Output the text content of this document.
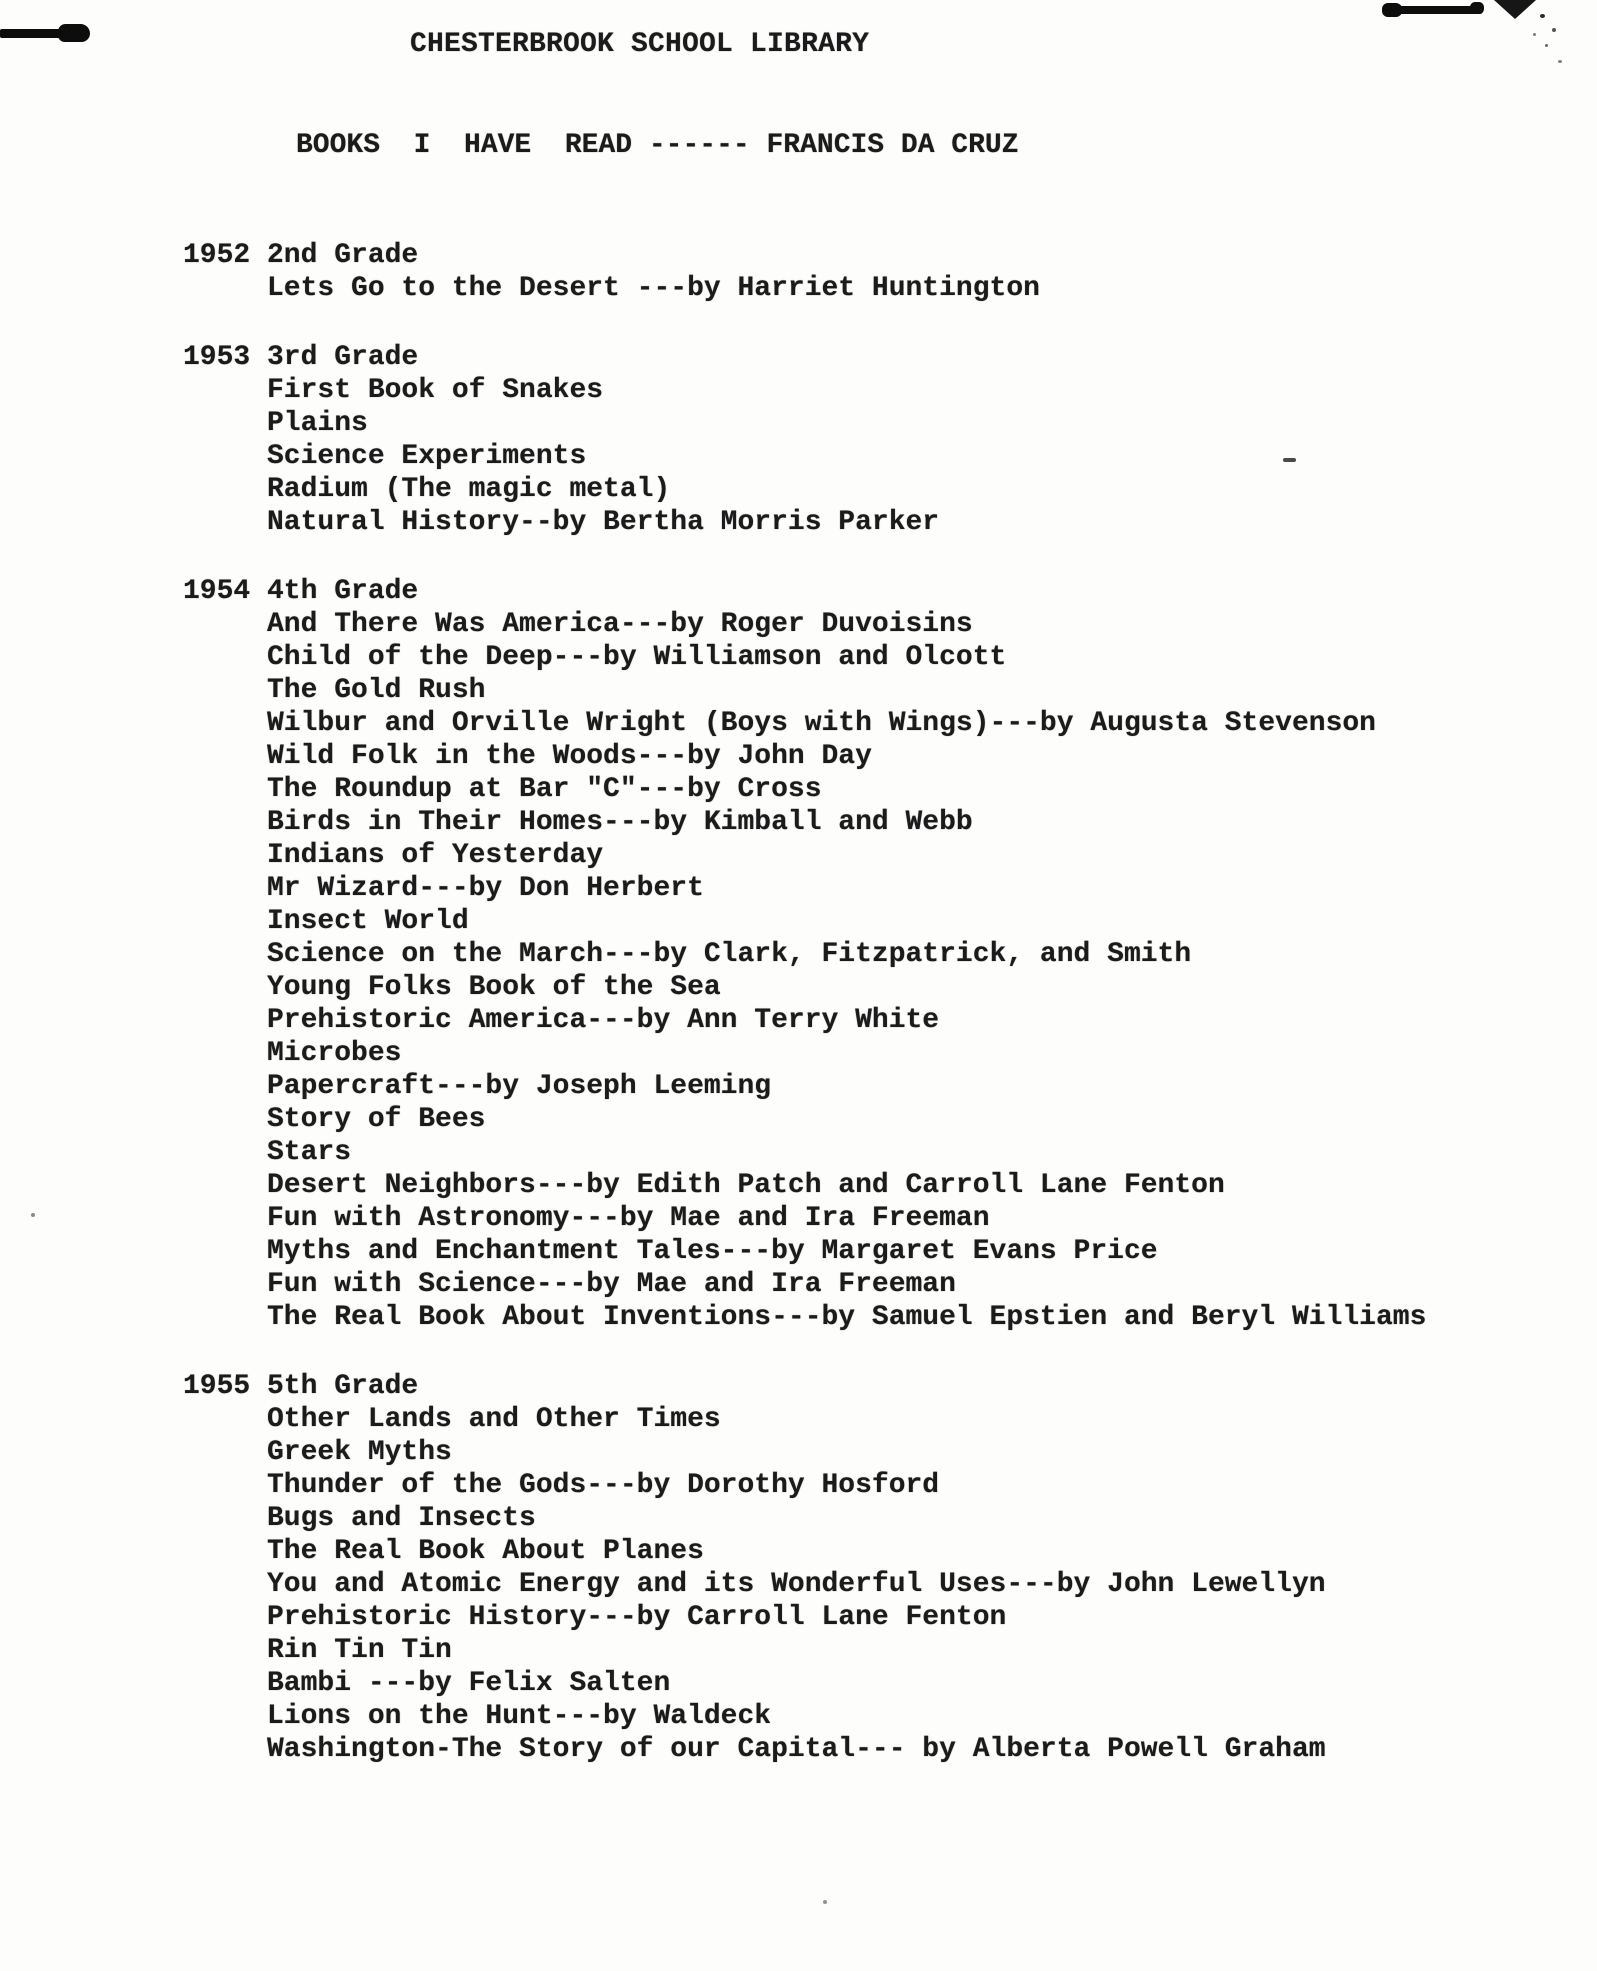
CHESTERBROOK SCHOOL LIBRARY
BOOKS  I  HAVE  READ ------ FRANCIS DA CRUZ
1952 2nd Grade
Lets Go to the Desert ---by Harriet Huntington
1953 3rd Grade
First Book of Snakes
Plains
Science Experiments
Radium (The magic metal)
Natural History--by Bertha Morris Parker
1954 4th Grade
And There Was America---by Roger Duvoisins
Child of the Deep---by Williamson and Olcott
The Gold Rush
Wilbur and Orville Wright (Boys with Wings)---by Augusta Stevenson
Wild Folk in the Woods---by John Day
The Roundup at Bar "C"---by Cross
Birds in Their Homes---by Kimball and Webb
Indians of Yesterday
Mr Wizard---by Don Herbert
Insect World
Science on the March---by Clark, Fitzpatrick, and Smith
Young Folks Book of the Sea
Prehistoric America---by Ann Terry White
Microbes
Papercraft---by Joseph Leeming
Story of Bees
Stars
Desert Neighbors---by Edith Patch and Carroll Lane Fenton
Fun with Astronomy---by Mae and Ira Freeman
Myths and Enchantment Tales---by Margaret Evans Price
Fun with Science---by Mae and Ira Freeman
The Real Book About Inventions---by Samuel Epstien and Beryl Williams
1955 5th Grade
Other Lands and Other Times
Greek Myths
Thunder of the Gods---by Dorothy Hosford
Bugs and Insects
The Real Book About Planes
You and Atomic Energy and its Wonderful Uses---by John Lewellyn
Prehistoric History---by Carroll Lane Fenton
Rin Tin Tin
Bambi ---by Felix Salten
Lions on the Hunt---by Waldeck
Washington-The Story of our Capital--- by Alberta Powell Graham
